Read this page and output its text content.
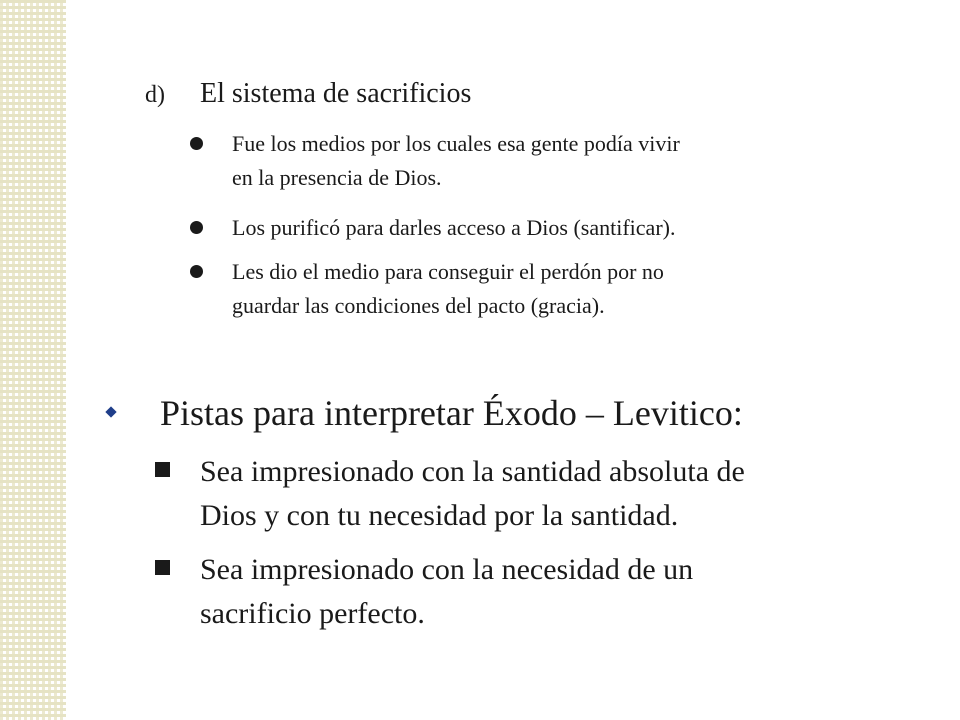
d) El sistema de sacrificios
Fue los medios por los cuales esa gente podía vivir
en la presencia de Dios.
Los purificó para darles acceso a Dios (santificar).
Les dio el medio para conseguir el perdón por no
guardar las condiciones del pacto (gracia).
Pistas para interpretar Éxodo – Levitico:
Sea impresionado con la santidad absoluta de
Dios y con tu necesidad por la santidad.
Sea impresionado con la necesidad de un
sacrificio perfecto.
